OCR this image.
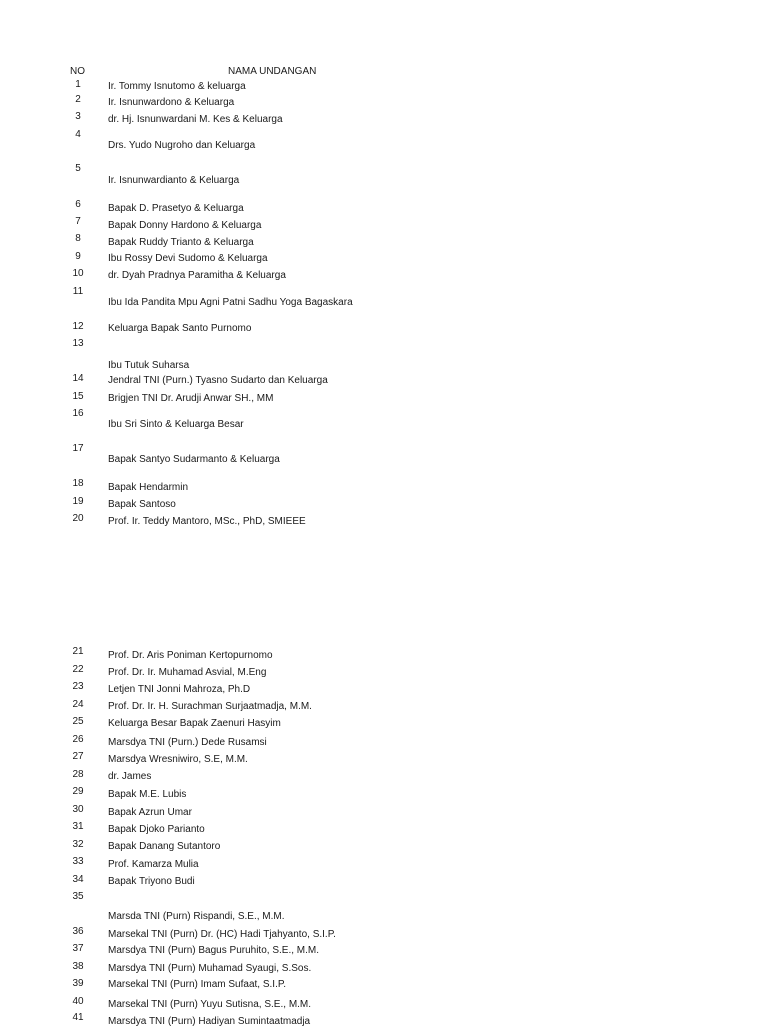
NO	NAMA UNDANGAN
1
2
3
4
5
6
7
8
9
10
11
12
13
14
15
16
17
18
19
20
21
22
23
24
25
26
27
28
29
30
31
32
33
34
35
36
37
38
39
40
41
Ir. Tommy Isnutomo & keluarga
Ir. Isnunwardono & Keluarga
dr. Hj. Isnunwardani M. Kes & Keluarga
Drs. Yudo Nugroho dan Keluarga
Ir. Isnunwardianto & Keluarga
Bapak D. Prasetyo & Keluarga
Bapak Donny Hardono & Keluarga
Bapak Ruddy Trianto & Keluarga
Ibu Rossy Devi Sudomo & Keluarga
dr. Dyah Pradnya Paramitha & Keluarga
Ibu Ida Pandita Mpu Agni Patni Sadhu Yoga Bagaskara
Keluarga Bapak Santo Purnomo
Ibu Tutuk Suharsa
Jendral TNI (Purn.) Tyasno Sudarto dan Keluarga
Brigjen TNI Dr. Arudji Anwar SH., MM
Ibu Sri Sinto & Keluarga Besar
Bapak Santyo Sudarmanto & Keluarga
Bapak Hendarmin
Bapak Santoso
Prof. Ir. Teddy Mantoro, MSc., PhD, SMIEEE
Prof. Dr. Aris Poniman Kertopurnomo
Prof. Dr. Ir. Muhamad Asvial, M.Eng
Letjen TNI Jonni Mahroza, Ph.D
Prof. Dr. Ir. H. Surachman Surjaatmadja, M.M.
Keluarga Besar Bapak Zaenuri Hasyim
Marsdya TNI (Purn.) Dede Rusamsi
Marsdya Wresniwiro, S.E, M.M.
dr. James
Bapak M.E. Lubis
Bapak Azrun Umar
Bapak Djoko Parianto
Bapak Danang Sutantoro
Prof. Kamarza Mulia
Bapak Triyono Budi
Marsda TNI (Purn) Rispandi, S.E., M.M.
Marsekal TNI (Purn) Dr. (HC) Hadi Tjahyanto, S.I.P.
Marsdya TNI (Purn) Bagus Puruhito, S.E., M.M.
Marsdya TNI (Purn) Muhamad Syaugi, S.Sos.
Marsekal TNI (Purn) Imam Sufaat, S.I.P.
Marsekal TNI (Purn) Yuyu Sutisna, S.E., M.M.
Marsdya TNI (Purn) Hadiyan Sumintaatmadja
